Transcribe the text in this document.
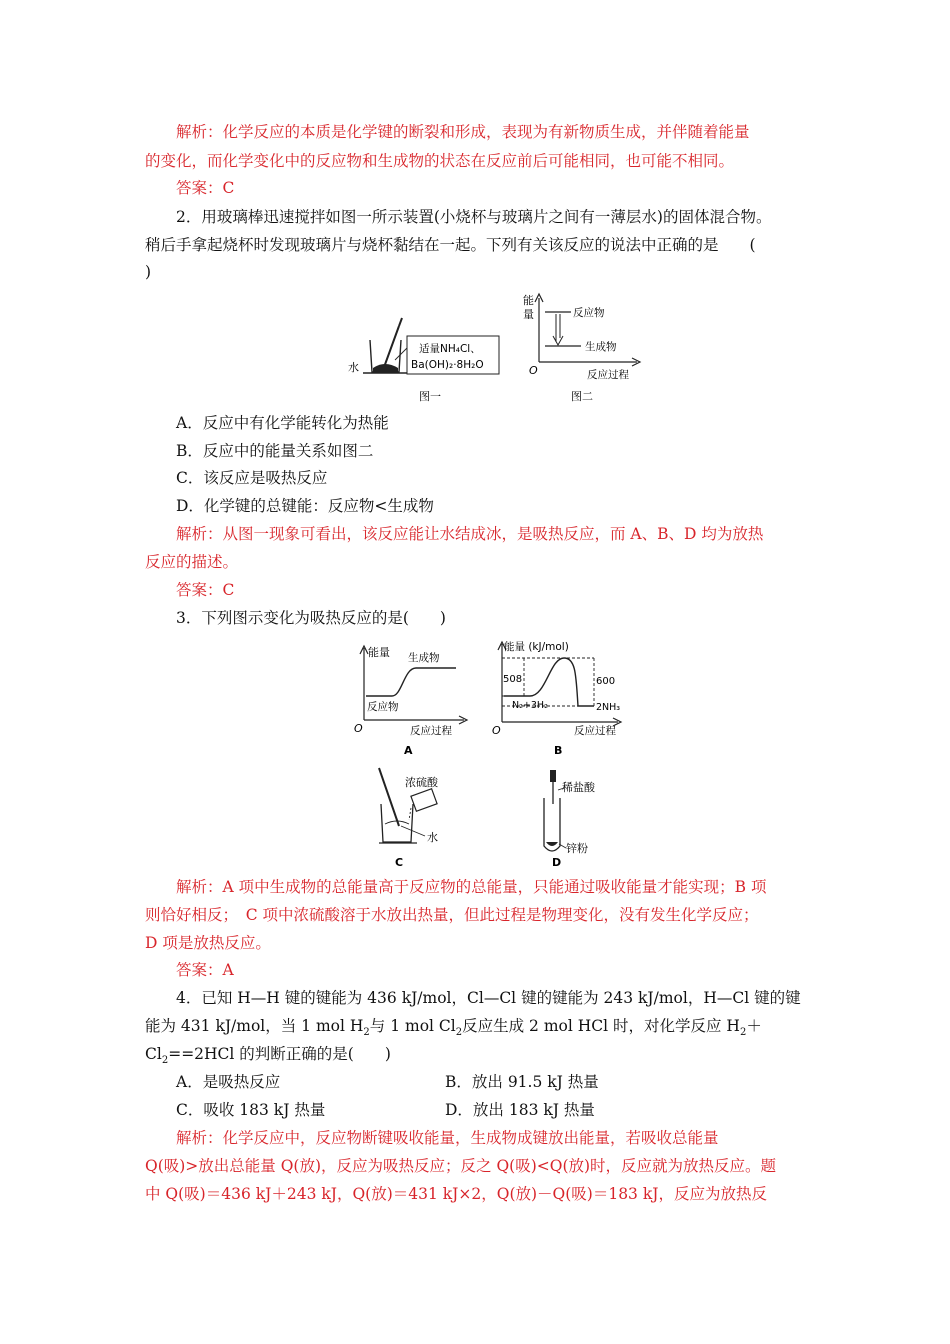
解析：化学反应的本质是化学键的断裂和形成，表现为有新物质生成，并伴随着能量
的变化，而化学变化中的反应物和生成物的状态在反应前后可能相同，也可能不相同。
答案：C
2．用玻璃棒迅速搅拌如图一所示装置(小烧杯与玻璃片之间有一薄层水)的固体混合物。
稍后手拿起烧杯时发现玻璃片与烧杯黏结在一起。下列有关该反应的说法中正确的是　　(
)
适量NH₄Cl、
Ba(OH)₂·8H₂O
水
图一
能
量	反应物
生成物
O	反应过程
图二
A．反应中有化学能转化为热能
B．反应中的能量关系如图二
C．该反应是吸热反应
D．化学键的总键能：反应物<生成物
解析：从图一现象可看出，该反应能让水结成冰，是吸热反应，而 A、B、D 均为放热
反应的描述。
答案：C
3．下列图示变化为吸热反应的是(　　)
能量 生成物
反应物
O	反应过程
A
能量 (kJ/mol)
508	600
N₂+3H₂	2NH₃
O	反应过程
B
浓硫酸
水
C
稀盐酸
锌粉
D
解析：A 项中生成物的总能量高于反应物的总能量，只能通过吸收能量才能实现；B 项
则恰好相反；　C 项中浓硫酸溶于水放出热量，但此过程是物理变化，没有发生化学反应；
D 项是放热反应。
答案：A
4．已知 H—H 键的键能为 436 kJ/mol，Cl—Cl 键的键能为 243 kJ/mol，H—Cl 键的键
能为 431 kJ/mol，当 1 mol $H_2$与 1 mol $Cl_2$反应生成 2 mol HCl 时，对化学反应 $H_2+$
$Cl_2==2HCl$ 的判断正确的是(　　)
A．是吸热反应	B．放出 91.5 kJ 热量
C．吸收 183 kJ 热量	D．放出 183 kJ 热量
解析：化学反应中，反应物断键吸收能量，生成物成键放出能量，若吸收总能量
Q(吸)>放出总能量 Q(放)，反应为吸热反应；反之 Q(吸)<Q(放)时，反应就为放热反应。题
中 Q(吸)＝436 kJ＋243 kJ，Q(放)＝431 kJ×2，Q(放)－Q(吸)＝183 kJ，反应为放热反
